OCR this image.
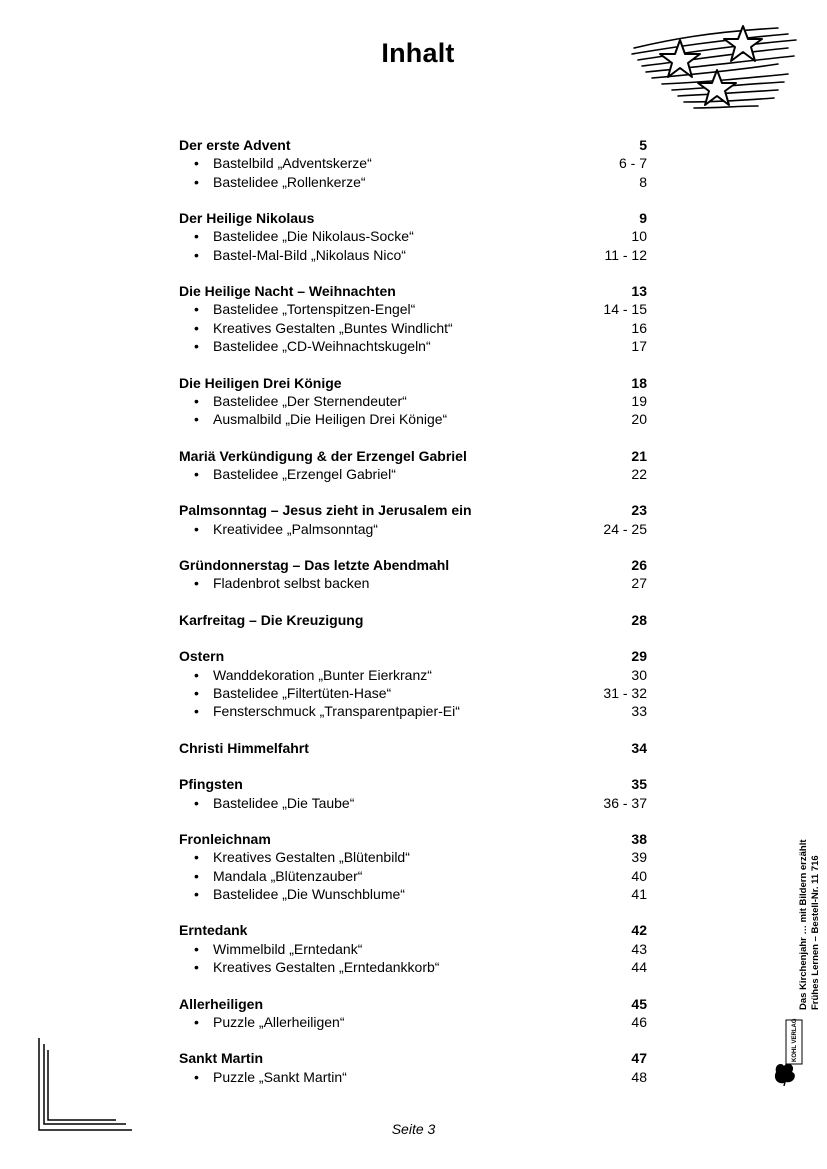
Inhalt
Der erste Advent	5
• Bastelbild „Adventskerze“	6 - 7
• Bastelidee „Rollenkerze“	8
Der Heilige Nikolaus	9
• Bastelidee „Die Nikolaus-Socke“	10
• Bastel-Mal-Bild „Nikolaus Nico“	11 - 12
Die Heilige Nacht – Weihnachten	13
• Bastelidee „Tortenspitzen-Engel“	14 - 15
• Kreatives Gestalten „Buntes Windlicht“	16
• Bastelidee „CD-Weihnachtskugeln“	17
Die Heiligen Drei Könige	18
• Bastelidee „Der Sternendeuter“	19
• Ausmalbild „Die Heiligen Drei Könige“	20
Mariä Verkündigung & der Erzengel Gabriel	21
• Bastelidee „Erzengel Gabriel“	22
Palmsonntag – Jesus zieht in Jerusalem ein	23
• Kreatividee „Palmsonntag“	24 - 25
Gründonnerstag – Das letzte Abendmahl	26
• Fladenbrot selbst backen	27
Karfreitag – Die Kreuzigung	28
Ostern	29
• Wanddekoration „Bunter Eierkranz“	30
• Bastelidee „Filtertüten-Hase“	31 - 32
• Fensterschmuck „Transparentpapier-Ei“	33
Christi Himmelfahrt	34
Pfingsten	35
• Bastelidee „Die Taube“	36 - 37
Fronleichnam	38
• Kreatives Gestalten „Blütenbild“	39
• Mandala „Blütenzauber“	40
• Bastelidee „Die Wunschblume“	41
Erntedank	42
• Wimmelbild „Erntedank“	43
• Kreatives Gestalten „Erntedankkorb“	44
Allerheiligen	45
• Puzzle „Allerheiligen“	46
Sankt Martin	47
• Puzzle „Sankt Martin“	48
Das Kirchenjahr … mit Bildern erzählt Frühes Lernen – Bestell-Nr. 11 716
KOHL VERLAG
Seite 3
